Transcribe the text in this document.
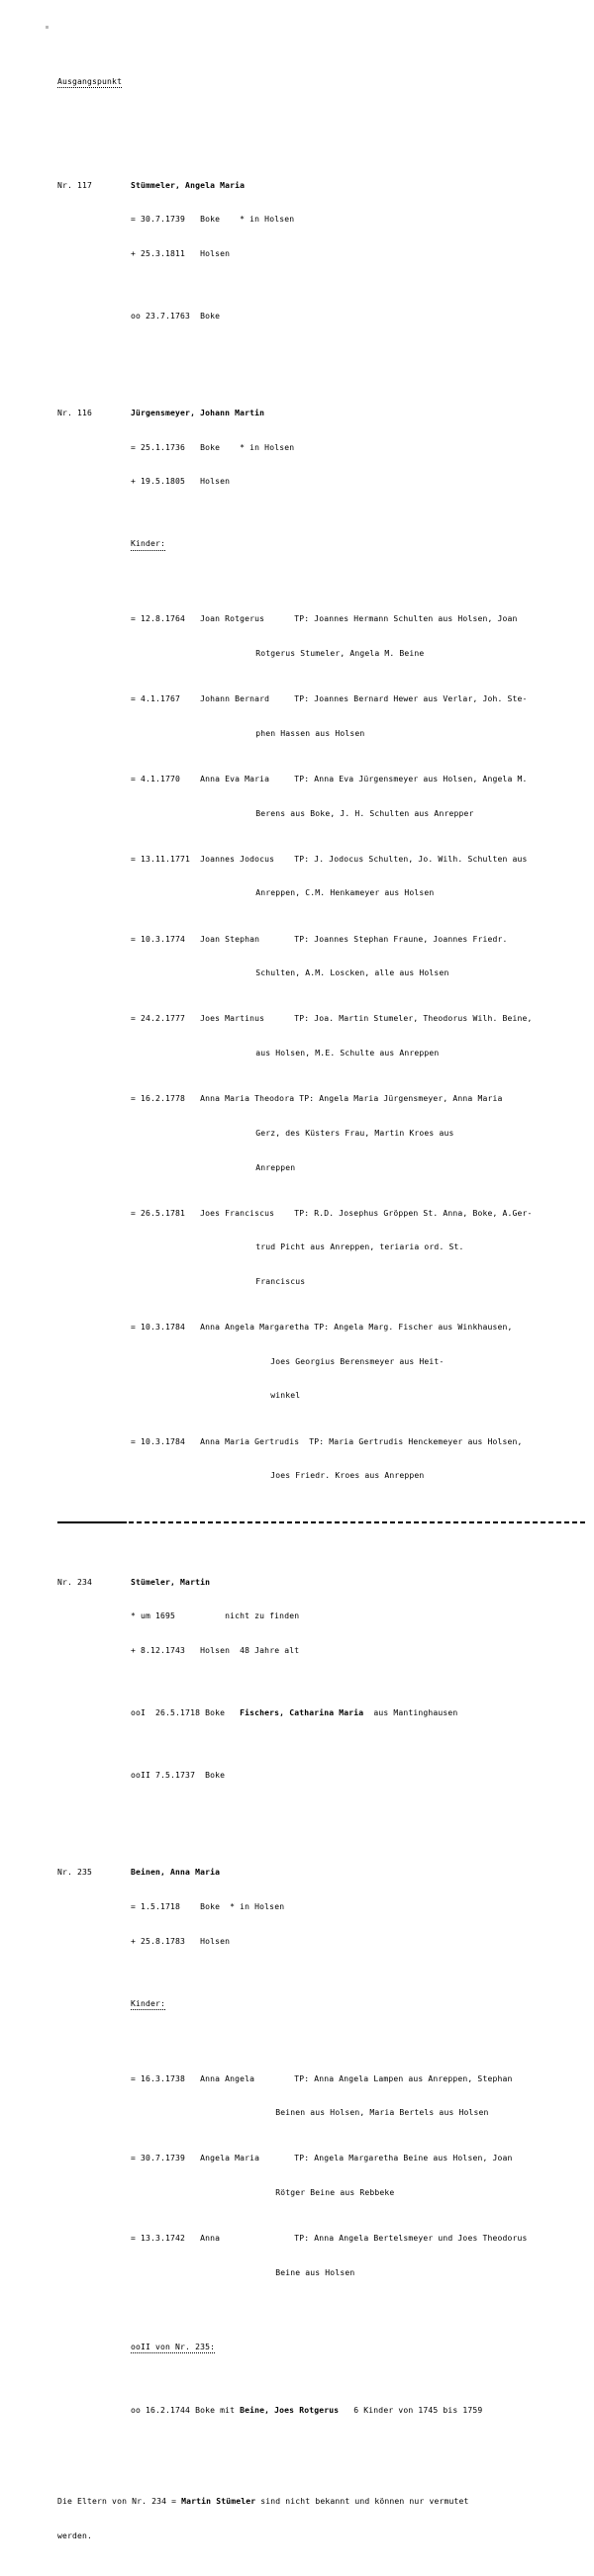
Ausgangspunkt

Nr. 117	Stümmeler, Angela Maria

= 30.7.1739 Boke * in Holsen

+ 25.3.1811 Holsen

oo 23.7.1763 Boke

Nr. 116	Jürgensmeyer, Johann Martin

= 25.1.1736 Boke * in Holsen

+ 19.5.1805 Holsen

Kinder:

= 12.8.1764 Joan Rotgerus	TP: Joannes Hermann Schulten aus Holsen, Joan

Rotgerus Stumeler, Angela M. Beine

= 4.1.1767 Johann Bernard	TP: Joannes Bernard Hewer aus Verlar, Joh. Ste-

phen Hassen aus Holsen

= 4.1.1770 Anna Eva Maria	TP: Anna Eva Jürgensmeyer aus Holsen, Angela M.

Berens aus Boke, J. H. Schulten aus Anrepper

= 13.11.1771 Joannes Jodocus TP: J. Jodocus Schulten, Jo. Wilh. Schulten aus

Anreppen, C.M. Henkameyer aus Holsen

= 10.3.1774 Joan Stephan	TP: Joannes Stephan Fraune, Joannes Friedr.

Schulten, A.M. Loscken, alle aus Holsen

= 24.2.1777 Joes Martinus	TP: Joa. Martin Stumeler, Theodorus Wilh. Beine,

aus Holsen, M.E. Schulte aus Anreppen

= 16.2.1778 Anna Maria Theodora TP: Angela Maria Jürgensmeyer, Anna Maria

Gerz, des Küsters Frau, Martin Kroes aus

Anreppen

= 26.5.1781 Joes Franciscus TP: R.D. Josephus Gröppen St. Anna, Boke, A.Ger-

trud Picht aus Anreppen, teriaria ord. St.

Franciscus

= 10.3.1784 Anna Angela Margaretha TP: Angela Marg. Fischer aus Winkhausen,

Joes Georgius Berensmeyer aus Heit-

winkel

= 10.3.1784 Anna Maria Gertrudis TP: Maria Gertrudis Henckemeyer aus Holsen,

Joes Friedr. Kroes aus Anreppen

Nr. 234	Stümeler, Martin

* um 1695	nicht zu finden

+ 8.12.1743 Holsen 48 Jahre alt

ooI  26.5.1718 Boke Fischers, Catharina Maria aus Mantinghausen

ooII 7.5.1737  Boke

Nr. 235	Beinen, Anna Maria

= 1.5.1718 Boke * in Holsen

+ 25.8.1783 Holsen

Kinder:

= 16.3.1738 Anna Angela	TP: Anna Angela Lampen aus Anreppen, Stephan

Beinen aus Holsen, Maria Bertels aus Holsen

= 30.7.1739 Angela Maria	TP: Angela Margaretha Beine aus Holsen, Joan

Rötger Beine aus Rebbeke

= 13.3.1742 Anna	TP: Anna Angela Bertelsmeyer und Joes Theodorus

Beine aus Holsen

ooII von Nr. 235:

oo 16.2.1744 Boke mit Beine, Joes Rotgerus 6 Kinder von 1745 bis 1759

Die Eltern von Nr. 234 = Martin Stümeler sind nicht bekannt und können nur vermutet

werden.
